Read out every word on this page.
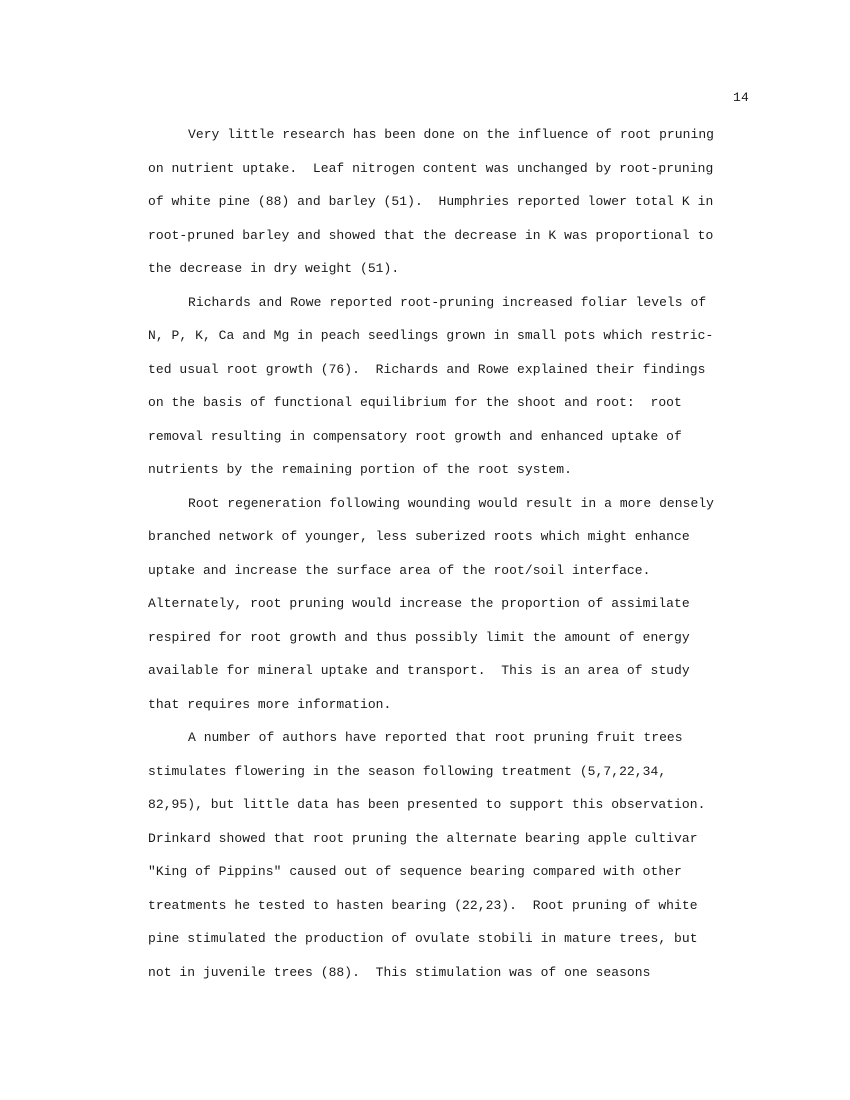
14
Very little research has been done on the influence of root pruning
on nutrient uptake.  Leaf nitrogen content was unchanged by root-pruning
of white pine (88) and barley (51).  Humphries reported lower total K in
root-pruned barley and showed that the decrease in K was proportional to
the decrease in dry weight (51).
Richards and Rowe reported root-pruning increased foliar levels of
N, P, K, Ca and Mg in peach seedlings grown in small pots which restric-
ted usual root growth (76).  Richards and Rowe explained their findings
on the basis of functional equilibrium for the shoot and root:  root
removal resulting in compensatory root growth and enhanced uptake of
nutrients by the remaining portion of the root system.
Root regeneration following wounding would result in a more densely
branched network of younger, less suberized roots which might enhance
uptake and increase the surface area of the root/soil interface.
Alternately, root pruning would increase the proportion of assimilate
respired for root growth and thus possibly limit the amount of energy
available for mineral uptake and transport.  This is an area of study
that requires more information.
A number of authors have reported that root pruning fruit trees
stimulates flowering in the season following treatment (5,7,22,34,
82,95), but little data has been presented to support this observation.
Drinkard showed that root pruning the alternate bearing apple cultivar
"King of Pippins" caused out of sequence bearing compared with other
treatments he tested to hasten bearing (22,23).  Root pruning of white
pine stimulated the production of ovulate stobili in mature trees, but
not in juvenile trees (88).  This stimulation was of one seasons
